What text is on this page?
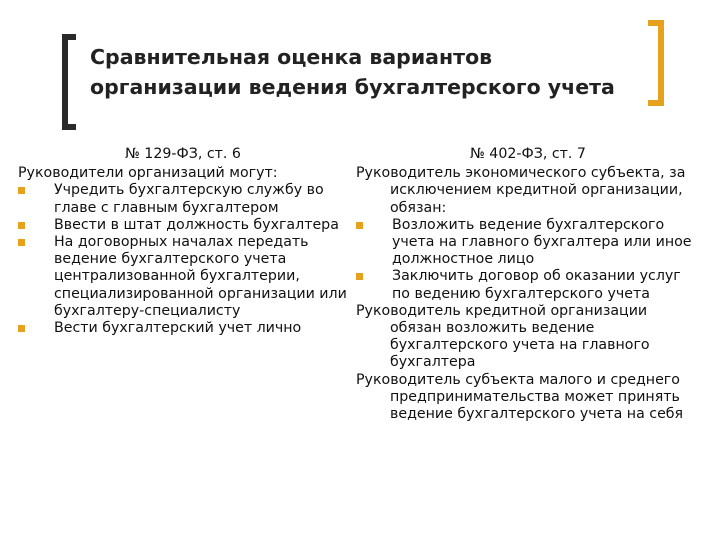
Сравнительная оценка вариантов
организации ведения бухгалтерского учета
№ 129-ФЗ, ст. 6
Руководители организаций могут:
Учредить бухгалтерскую службу во главе с главным бухгалтером
Ввести в штат должность бухгалтера
На договорных началах передать ведение бухгалтерского учета централизованной бухгалтерии, специализированной организации или бухгалтеру-специалисту
Вести бухгалтерский учет лично
№ 402-ФЗ, ст. 7
Руководитель экономического субъекта, за исключением кредитной организации, обязан:
Возложить ведение бухгалтерского учета на главного бухгалтера или иное должностное лицо
Заключить договор об оказании услуг по ведению бухгалтерского учета
Руководитель кредитной организации обязан возложить ведение бухгалтерского учета на главного бухгалтера
Руководитель субъекта малого и среднего предпринимательства может принять ведение бухгалтерского учета на себя
